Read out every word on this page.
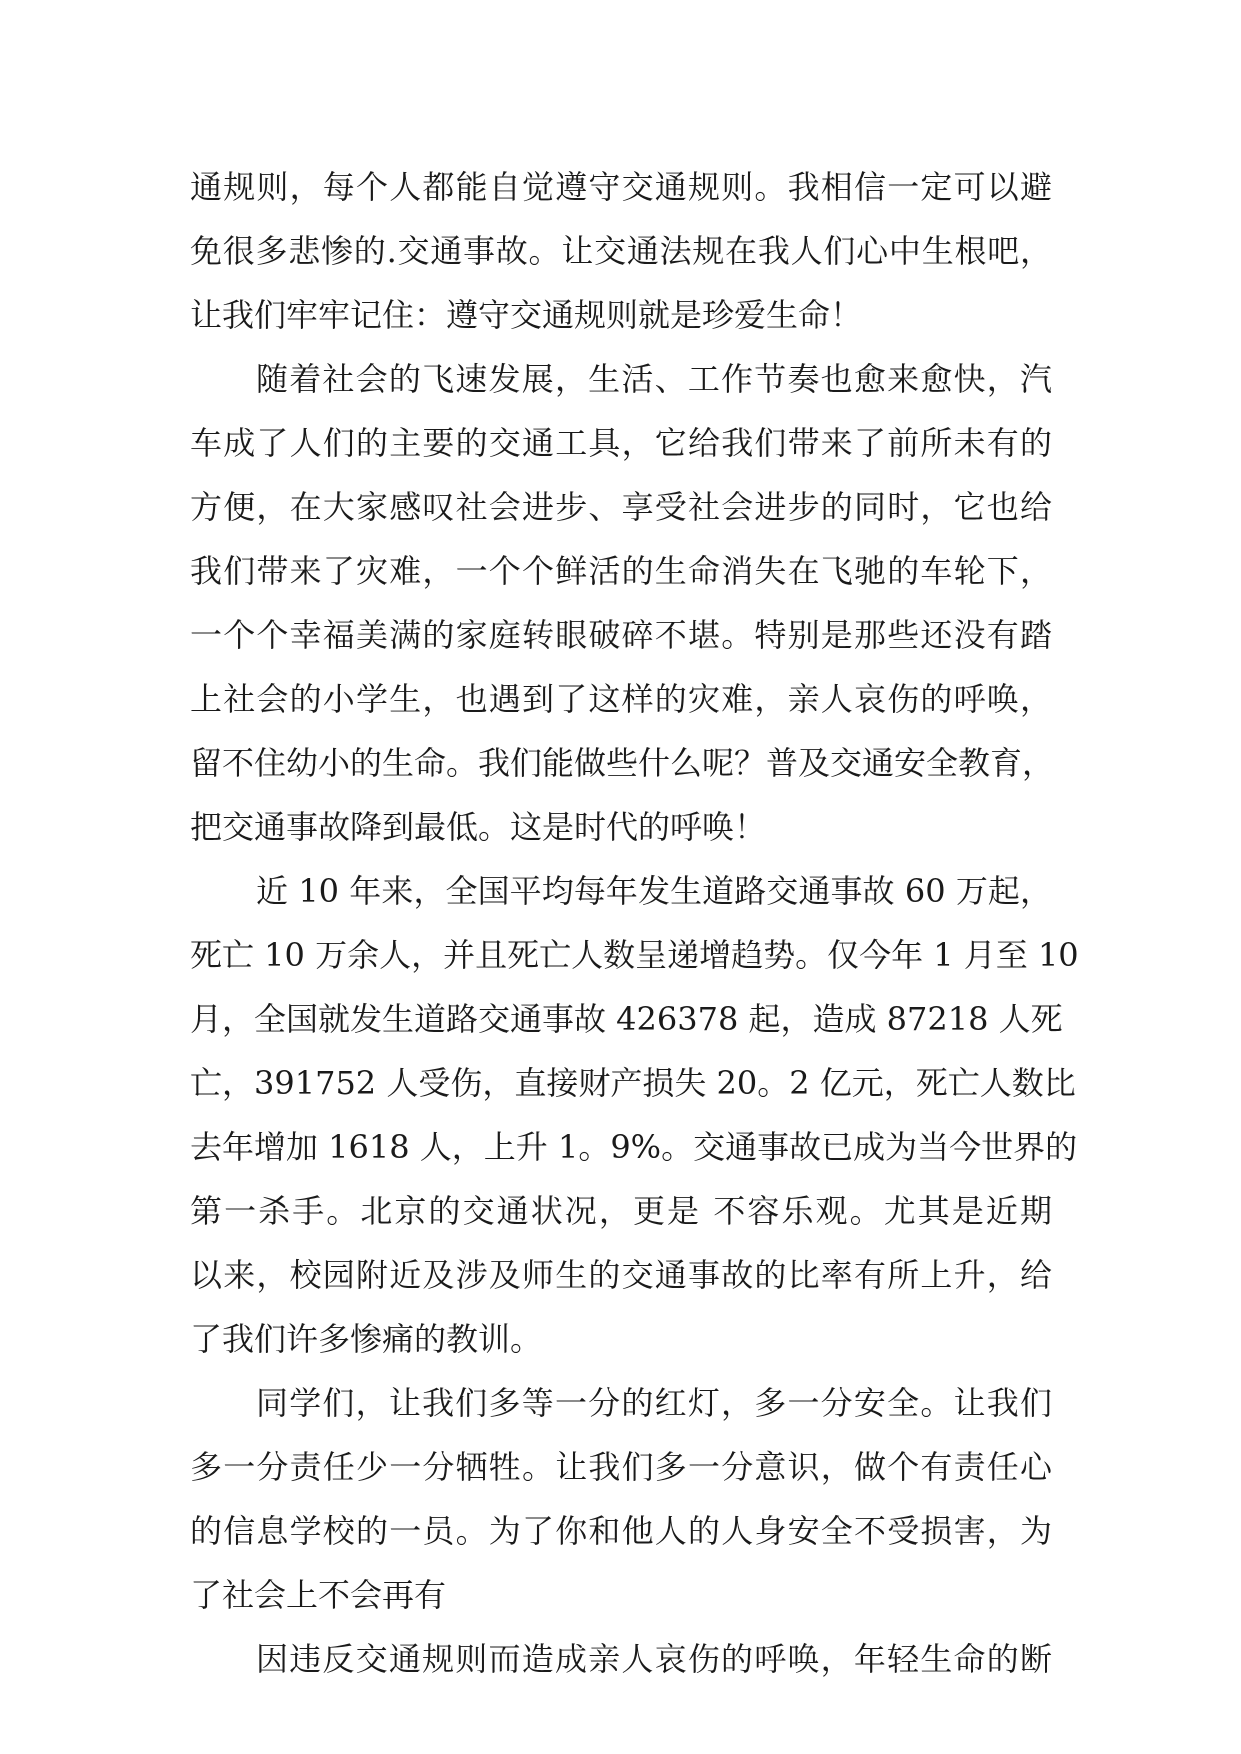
通规则，每个人都能自觉遵守交通规则。我相信一定可以避
免很多悲惨的.交通事故。让交通法规在我人们心中生根吧，
让我们牢牢记住：遵守交通规则就是珍爱生命！
随着社会的飞速发展，生活、工作节奏也愈来愈快，汽
车成了人们的主要的交通工具，它给我们带来了前所未有的
方便，在大家感叹社会进步、享受社会进步的同时，它也给
我们带来了灾难，一个个鲜活的生命消失在飞驰的车轮下，
一个个幸福美满的家庭转眼破碎不堪。特别是那些还没有踏
上社会的小学生，也遇到了这样的灾难，亲人哀伤的呼唤，
留不住幼小的生命。我们能做些什么呢？普及交通安全教育，
把交通事故降到最低。这是时代的呼唤！
近 10 年来，全国平均每年发生道路交通事故 60 万起，
死亡 10 万余人，并且死亡人数呈递增趋势。仅今年 1 月至 10
月，全国就发生道路交通事故 426378 起，造成 87218 人死
亡，391752 人受伤，直接财产损失 20。2 亿元，死亡人数比
去年增加 1618 人，上升 1。9%。交通事故已成为当今世界的
第一杀手。北京的交通状况，更是 不容乐观。尤其是近期
以来，校园附近及涉及师生的交通事故的比率有所上升，给
了我们许多惨痛的教训。
同学们，让我们多等一分的红灯，多一分安全。让我们
多一分责任少一分牺牲。让我们多一分意识，做个有责任心
的信息学校的一员。为了你和他人的人身安全不受损害，为
了社会上不会再有
因违反交通规则而造成亲人哀伤的呼唤，年轻生命的断
